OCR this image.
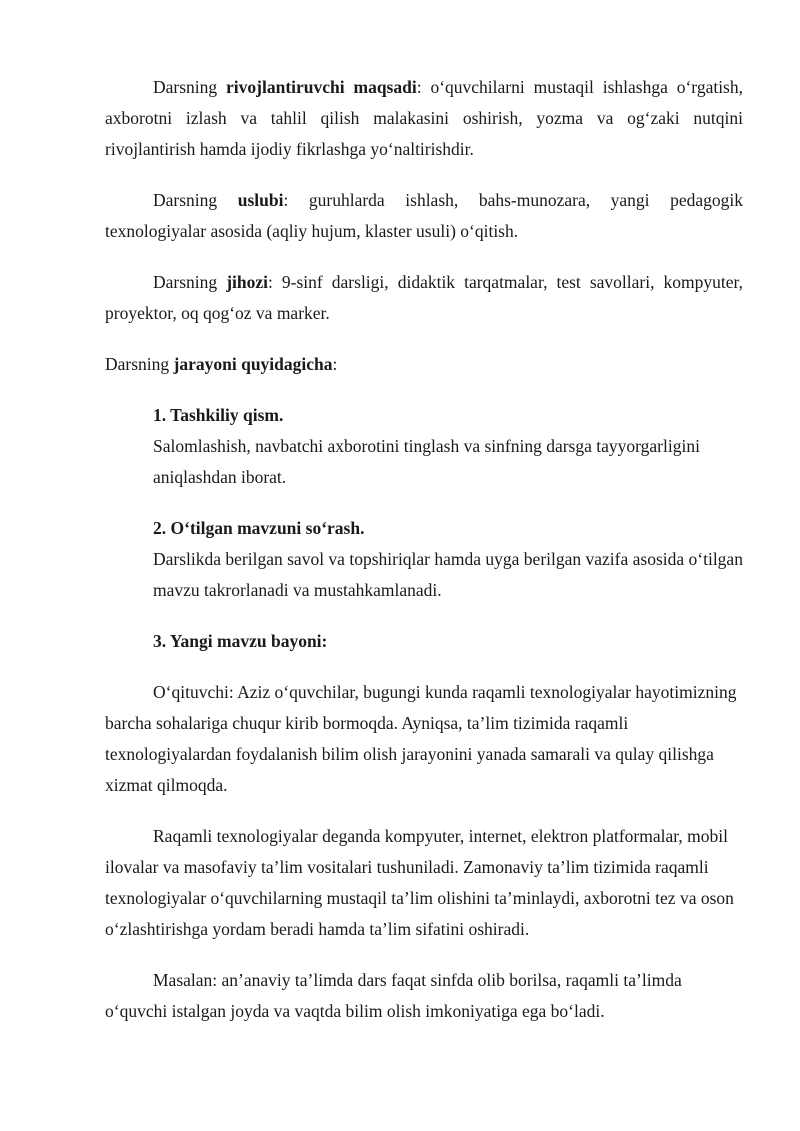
Darsning rivojlantiruvchi maqsadi: o‘quvchilarni mustaqil ishlashga o‘rgatish, axborotni izlash va tahlil qilish malakasini oshirish, yozma va og‘zaki nutqini rivojlantirish hamda ijodiy fikrlashga yo‘naltirishdir.

Darsning uslubi: guruhlarda ishlash, bahs-munozara, yangi pedagogik texnologiyalar asosida (aqliy hujum, klaster usuli) o‘qitish.

Darsning jihozi: 9-sinf darsligi, didaktik tarqatmalar, test savollari, kompyuter, proyektor, oq qog‘oz va marker.

Darsning jarayoni quyidagicha:

1. Tashkiliy qism.

Salomlashish, navbatchi axborotini tinglash va sinfning darsga tayyorgarligini aniqlashdan iborat.

2. O‘tilgan mavzuni so‘rash.

Darslikda berilgan savol va topshiriqlar hamda uyga berilgan vazifa asosida o‘tilgan mavzu takrorlanadi va mustahkamlanadi.

3. Yangi mavzu bayoni:

O‘qituvchi: Aziz o‘quvchilar, bugungi kunda raqamli texnologiyalar hayotimizning barcha sohalariga chuqur kirib bormoqda. Ayniqsa, ta’lim tizimida raqamli texnologiyalardan foydalanish bilim olish jarayonini yanada samarali va qulay qilishga xizmat qilmoqda.

Raqamli texnologiyalar deganda kompyuter, internet, elektron platformalar, mobil ilovalar va masofaviy ta’lim vositalari tushuniladi. Zamonaviy ta’lim tizimida raqamli texnologiyalar o‘quvchilarning mustaqil ta’lim olishini ta’minlaydi, axborotni tez va oson o‘zlashtirishga yordam beradi hamda ta’lim sifatini oshiradi.

Masalan: an’anaviy ta’limda dars faqat sinfda olib borilsa, raqamli ta’limda o‘quvchi istalgan joyda va vaqtda bilim olish imkoniyatiga ega bo‘ladi.
